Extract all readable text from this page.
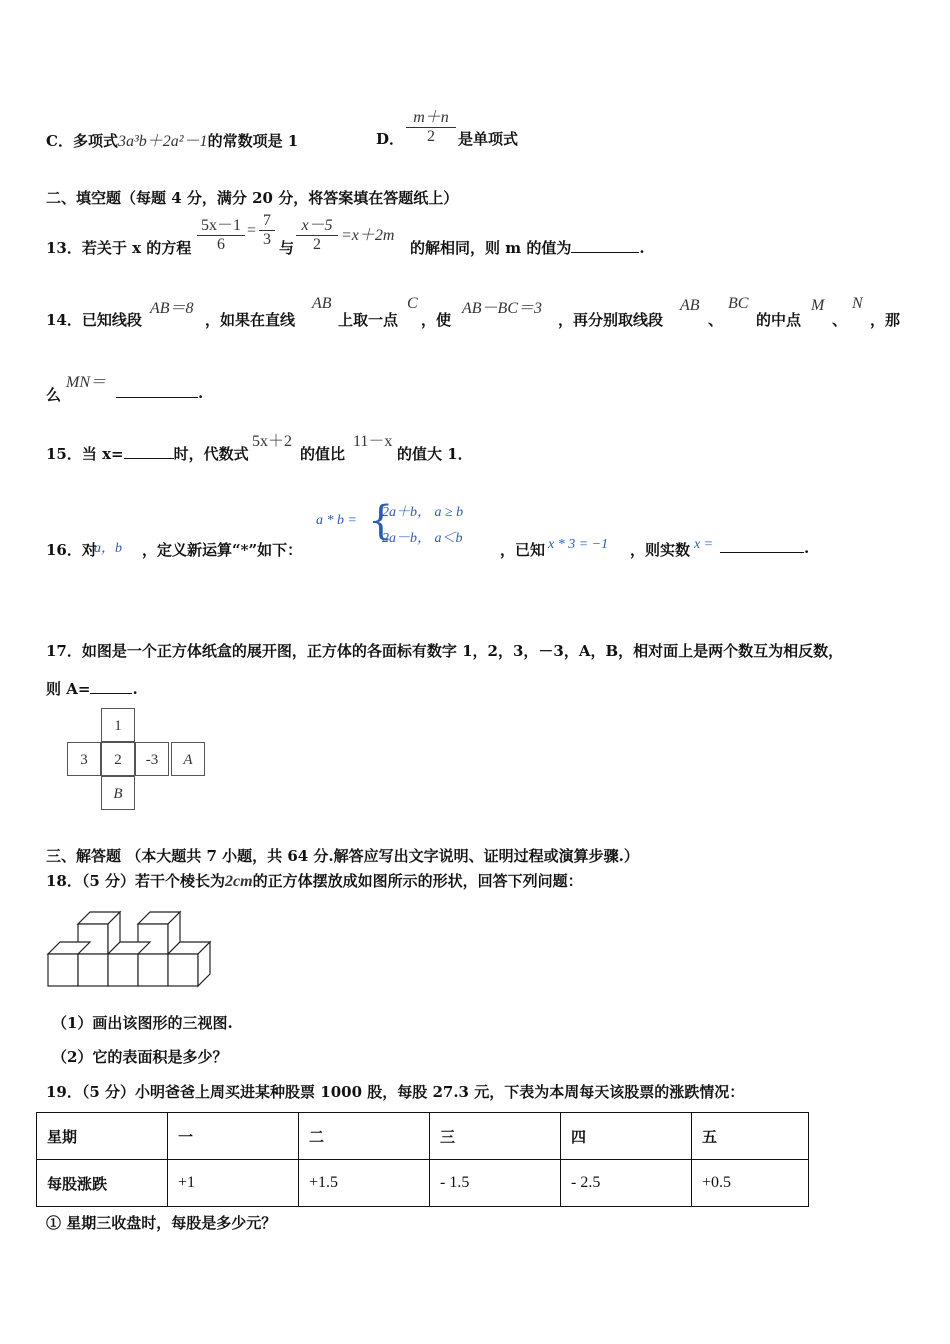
C．多项式3a³b＋2a²－1的常数项是 1	D． $\frac{m+n}{2}$ 是单项式
二、填空题（每题 4 分，满分 20 分，将答案填在答题纸上）
13．若关于 x 的方程 $\frac{5x-1}{6} = \frac{7}{3}$ 与 $\frac{x-5}{2} =x+2m$
的解相同，则 m 的值为	.
14．已知线段
AB＝8
，如果在直线
AB
上取一点
C
，使
AB－BC＝3
，再分别取线段
AB
、
BC
的中点
M
、
N
，那
么
MN＝
.
15．当 x=	时，代数式
5x＋2
的值比
11－x
的值大 1．
16．对
a，b ，定义新运算“*”如下：
a * b = {
2a＋b， a ≥ b
2a－b， a＜b
，已知 x * 3 = −1 ，则实数 x =	.
17．如图是一个正方体纸盒的展开图，正方体的各面标有数字 1，2，3，－3，A，B，相对面上是两个数互为相反数，
则 A=	.
1
3	2	-3	A
B
三、解答题 （本大题共 7 小题，共 64 分.解答应写出文字说明、证明过程或演算步骤.）
18．（5 分）若干个棱长为2cm的正方体摆放成如图所示的形状，回答下列问题：
（1）画出该图形的三视图.
（2）它的表面积是多少？
19．（5 分）小明爸爸上周买进某种股票 1000 股，每股 27.3 元，下表为本周每天该股票的涨跌情况：
星期	一	二	三	四	五
每股涨跌	+1	+1.5	- 1.5	- 2.5	+0.5
① 星期三收盘时，每股是多少元？
